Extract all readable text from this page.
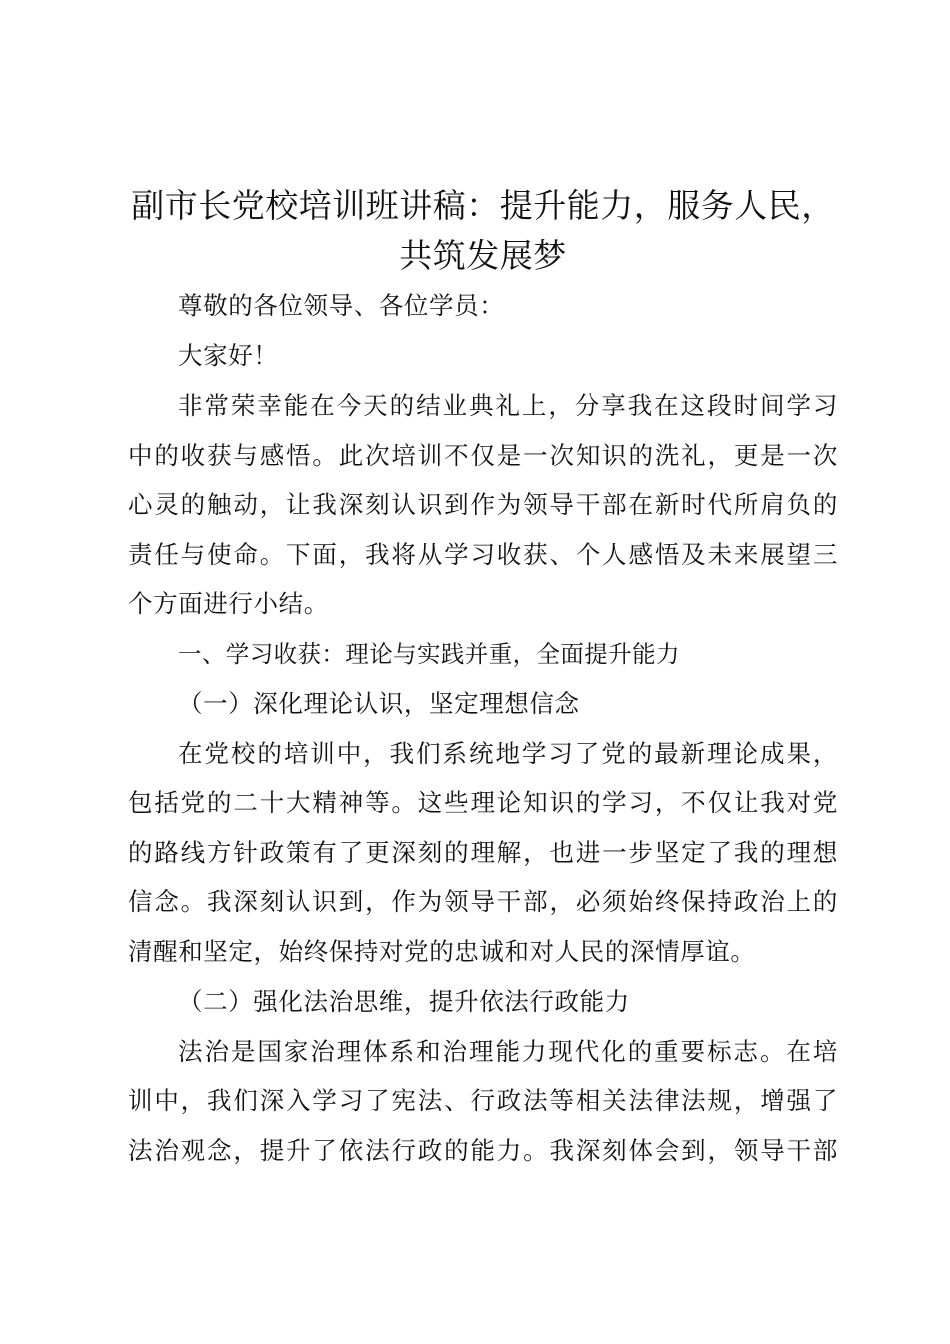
副市长党校培训班讲稿：提升能力，服务人民，
共筑发展梦
尊敬的各位领导、各位学员：
大家好！
非常荣幸能在今天的结业典礼上，分享我在这段时间学习
中的收获与感悟。此次培训不仅是一次知识的洗礼，更是一次
心灵的触动，让我深刻认识到作为领导干部在新时代所肩负的
责任与使命。下面，我将从学习收获、个人感悟及未来展望三
个方面进行小结。
一、学习收获：理论与实践并重，全面提升能力
（一）深化理论认识，坚定理想信念
在党校的培训中，我们系统地学习了党的最新理论成果，
包括党的二十大精神等。这些理论知识的学习，不仅让我对党
的路线方针政策有了更深刻的理解，也进一步坚定了我的理想
信念。我深刻认识到，作为领导干部，必须始终保持政治上的
清醒和坚定，始终保持对党的忠诚和对人民的深情厚谊。
（二）强化法治思维，提升依法行政能力
法治是国家治理体系和治理能力现代化的重要标志。在培
训中，我们深入学习了宪法、行政法等相关法律法规，增强了
法治观念，提升了依法行政的能力。我深刻体会到，领导干部
